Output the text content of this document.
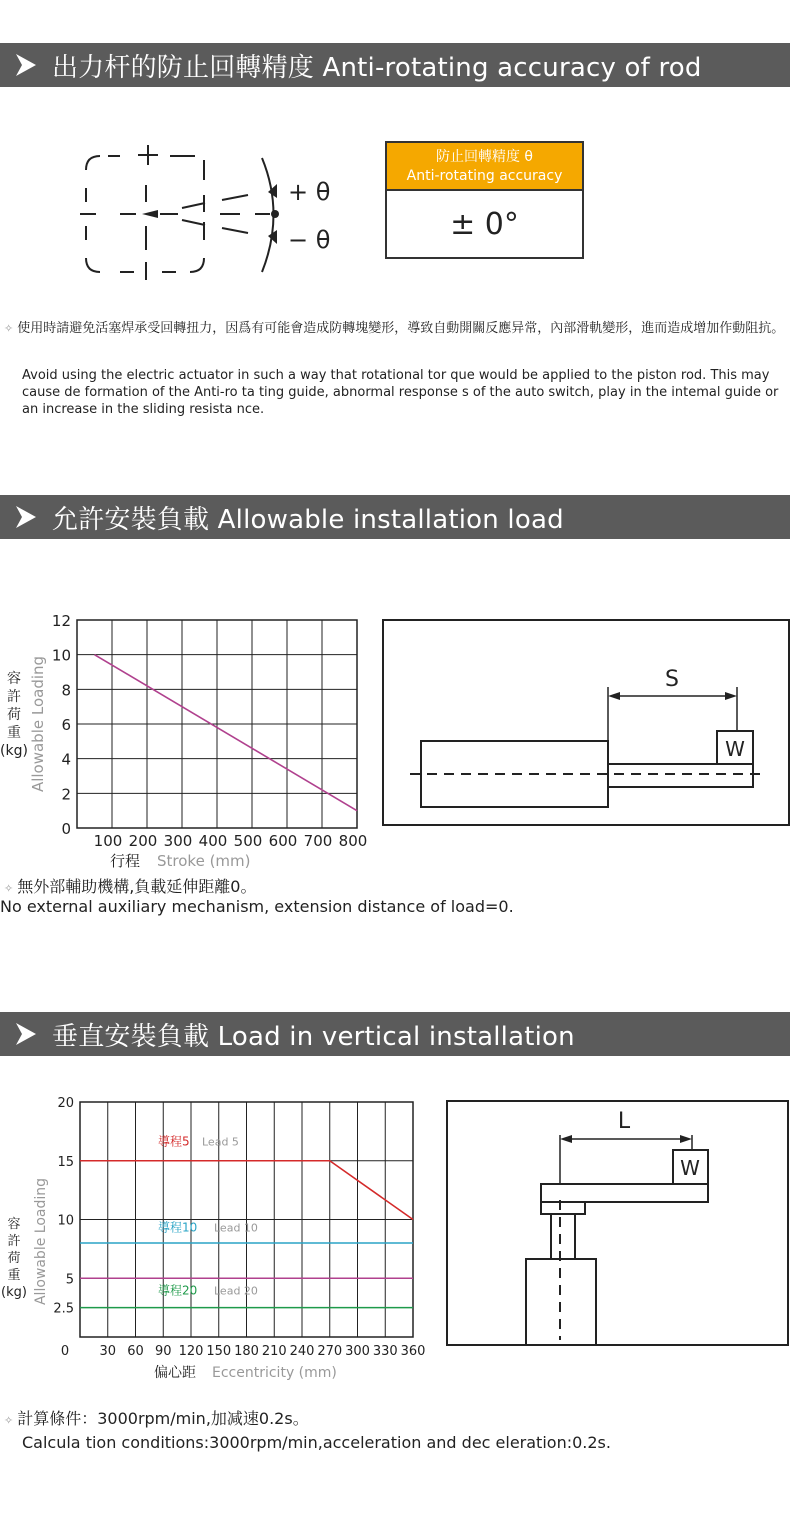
出力杆的防止回轉精度 Anti-rotating accuracy of rod
+ θ
− θ
防止回轉精度 θ
Anti-rotating accuracy
± 0°
✧ 使用時請避免活塞焊承受回轉扭力，因爲有可能會造成防轉塊變形，導致自動開關反應异常，內部滑軌變形，進而造成增加作動阻抗。
Avoid using the electric actuator in such a way that rotational tor que would be applied to the piston rod. This may cause de formation of the Anti-ro ta ting guide, abnormal response s of the auto switch, play in the intemal guide or an increase in the sliding resista nce.
允許安裝負載 Allowable installation load
0
2
4
6
8
10
12
100 200 300 400 500 600 700 800
容
許
荷
重
(kg) Allowable Loading
行程 Stroke (mm)
S
W
✧ 無外部輔助機構,負載延伸距離0。
No external auxiliary mechanism, extension distance of load=0.
垂直安裝負載 Load in vertical installation
2.5
5
10
15
20
0 30 60 90 120 150 180 210 240 270 300 330 360
導程5 Lead 5
導程10 Lead 10
導程20 Lead 20
容
許
荷
重
(kg) Allowable Loading
偏心距 Eccentricity (mm)
L
W
✧ 計算條件：3000rpm/min,加减速0.2s。
Calcula tion conditions:3000rpm/min,acceleration and dec eleration:0.2s.
